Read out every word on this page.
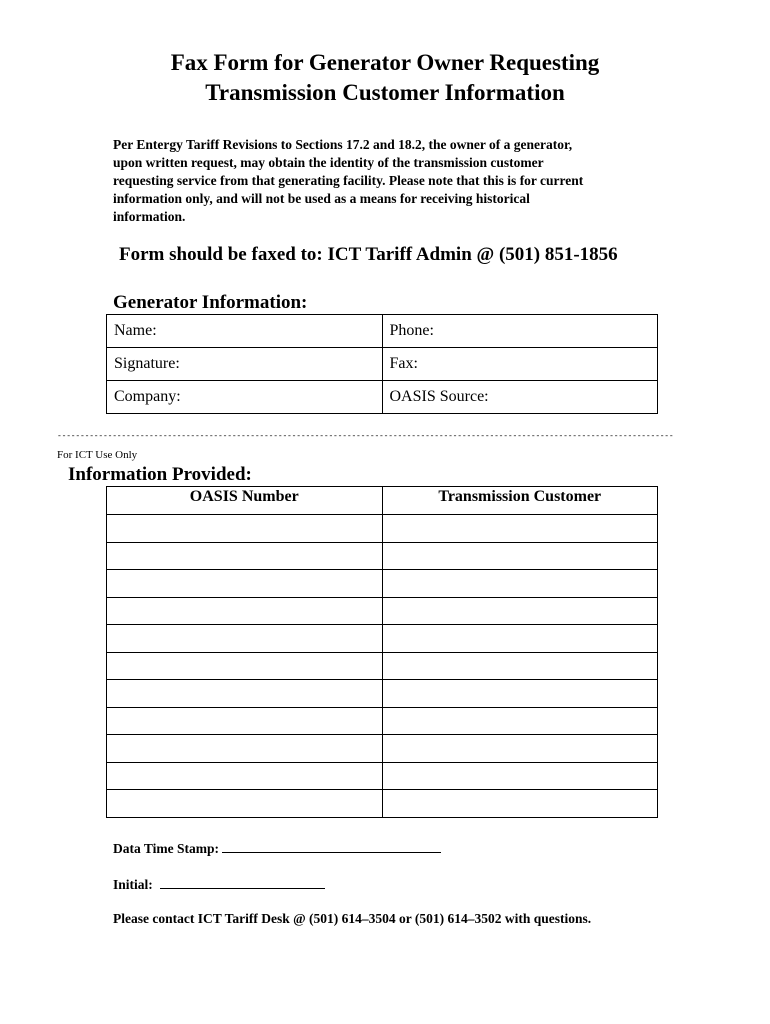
Fax Form for Generator Owner Requesting
Transmission Customer Information
Per Entergy Tariff Revisions to Sections 17.2 and 18.2, the owner of a generator,
upon written request, may obtain the identity of the transmission customer
requesting service from that generating facility. Please note that this is for current
information only, and will not be used as a means for receiving historical
information.
Form should be faxed to: ICT Tariff Admin @ (501) 851-1856
Generator Information:
Name:	Phone:
Signature:	Fax:
Company:	OASIS Source:
--------------------------------------------------------------------------------------------------------------------------------------
For ICT Use Only
Information Provided:
OASIS Number	Transmission Customer

Data Time Stamp:
Initial:
Please contact ICT Tariff Desk @ (501) 614–3504 or (501) 614–3502 with questions.
